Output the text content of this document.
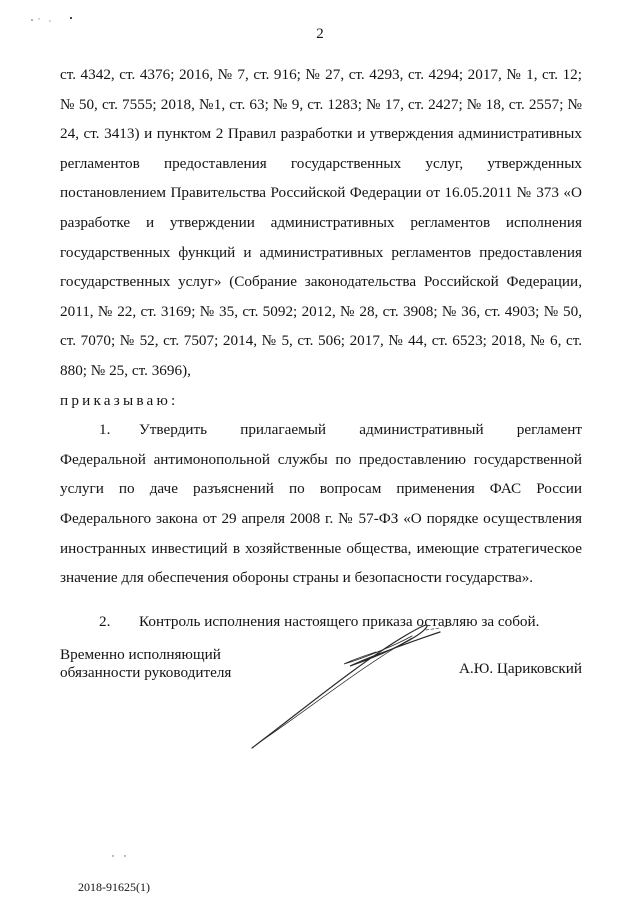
2

ст. 4342, ст. 4376; 2016, № 7, ст. 916; № 27, ст. 4293, ст. 4294; 2017, № 1, ст. 12; № 50, ст. 7555; 2018, №1, ст. 63; № 9, ст. 1283; № 17, ст. 2427; № 18, ст. 2557; № 24, ст. 3413) и пунктом 2 Правил разработки и утверждения административных регламентов предоставления государственных услуг, утвержденных постановлением Правительства Российской Федерации от 16.05.2011 № 373 «О разработке и утверждении административных регламентов исполнения государственных функций и административных регламентов предоставления государственных услуг» (Собрание законодательства Российской Федерации, 2011, № 22, ст. 3169; № 35, ст. 5092; 2012, № 28, ст. 3908; № 36, ст. 4903; № 50, ст. 7070; № 52, ст. 7507; 2014, № 5, ст. 506; 2017, № 44, ст. 6523; 2018, № 6, ст. 880; № 25, ст. 3696),

приказываю:

1. Утвердить прилагаемый административный регламент Федеральной антимонопольной службы по предоставлению государственной услуги по даче разъяснений по вопросам применения ФАС России Федерального закона от 29 апреля 2008 г. № 57-ФЗ «О порядке осуществления иностранных инвестиций в хозяйственные общества, имеющие стратегическое значение для обеспечения обороны страны и безопасности государства».

2. Контроль исполнения настоящего приказа оставляю за собой.

Временно исполняющий
обязанности руководителя	А.Ю. Цариковский
2018-91625(1)
